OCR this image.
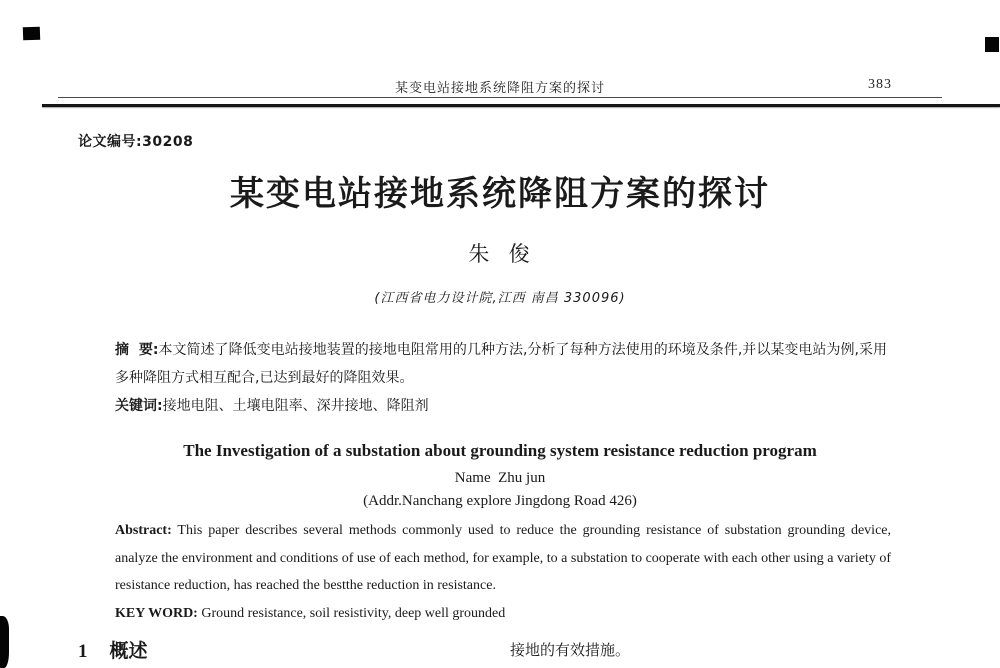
某变电站接地系统降阻方案的探讨	383
论文编号:30208
某变电站接地系统降阻方案的探讨
朱  俊
(江西省电力设计院,江西 南昌 330096)

摘  要:本文简述了降低变电站接地装置的接地电阻常用的几种方法,分析了每种方法使用的环境及条件,并以某变电站为例,采用多种降阻方式相互配合,已达到最好的降阻效果。

关键词:接地电阻、土壤电阻率、深井接地、降阻剂

The Investigation of a substation about grounding system resistance reduction program
Name  Zhu jun
(Addr.Nanchang explore Jingdong Road 426)

Abstract: This paper describes several methods commonly used to reduce the grounding resistance of substation grounding device, analyze the environment and conditions of use of each method, for example, to a substation to cooperate with each other using a variety of resistance reduction, has reached the bestthe reduction in resistance.

KEY WORD: Ground resistance, soil resistivity, deep well grounded

1 概述	接地的有效措施。
